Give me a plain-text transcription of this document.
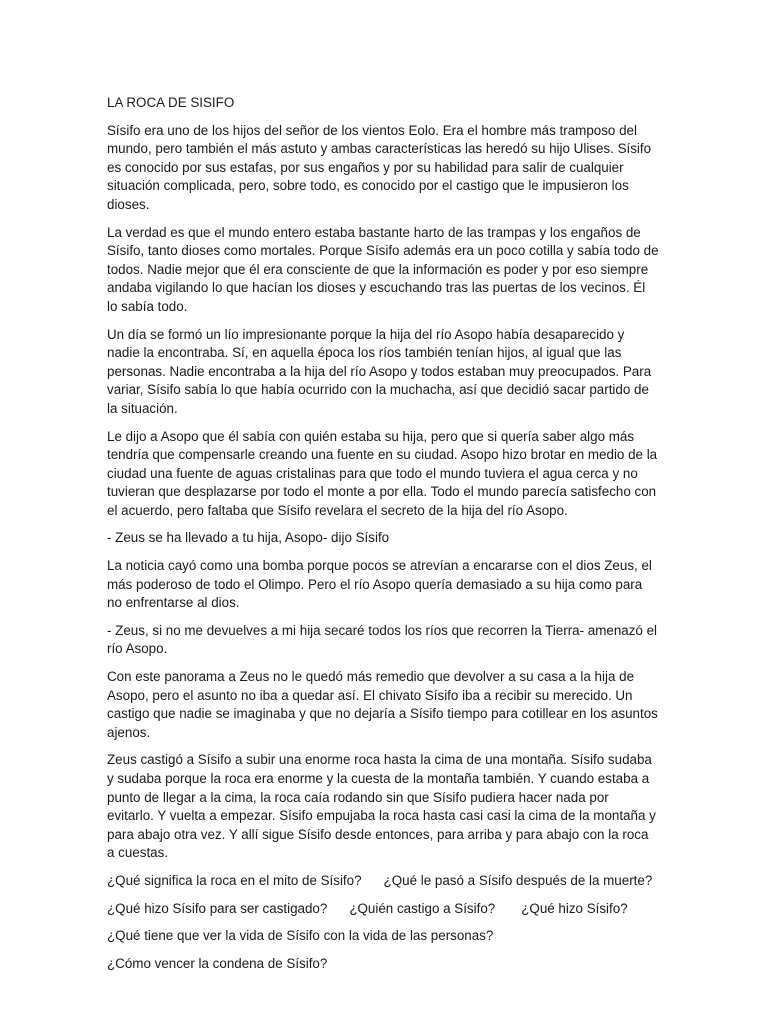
LA ROCA DE SISIFO

Sísifo era uno de los hijos del señor de los vientos Eolo. Era el hombre más tramposo del mundo, pero también el más astuto y ambas características las heredó su hijo Ulises. Sísifo es conocido por sus estafas, por sus engaños y por su habilidad para salir de cualquier situación complicada, pero, sobre todo, es conocido por el castigo que le impusieron los dioses.

La verdad es que el mundo entero estaba bastante harto de las trampas y los engaños de Sísifo, tanto dioses como mortales. Porque Sísifo además era un poco cotilla y sabía todo de todos. Nadie mejor que él era consciente de que la información es poder y por eso siempre andaba vigilando lo que hacían los dioses y escuchando tras las puertas de los vecinos. Él lo sabía todo.

Un día se formó un lío impresionante porque la hija del río Asopo había desaparecido y nadie la encontraba. Sí, en aquella época los ríos también tenían hijos, al igual que las personas. Nadie encontraba a la hija del río Asopo y todos estaban muy preocupados. Para variar, Sísifo sabía lo que había ocurrido con la muchacha, así que decidió sacar partido de la situación.

Le dijo a Asopo que él sabía con quién estaba su hija, pero que si quería saber algo más tendría que compensarle creando una fuente en su ciudad. Asopo hizo brotar en medio de la ciudad una fuente de aguas cristalinas para que todo el mundo tuviera el agua cerca y no tuvieran que desplazarse por todo el monte a por ella. Todo el mundo parecía satisfecho con el acuerdo, pero faltaba que Sísifo revelara el secreto de la hija del río Asopo.

- Zeus se ha llevado a tu hija, Asopo- dijo Sísifo

La noticia cayó como una bomba porque pocos se atrevían a encararse con el dios Zeus, el más poderoso de todo el Olimpo. Pero el río Asopo quería demasiado a su hija como para no enfrentarse al dios.

- Zeus, si no me devuelves a mi hija secaré todos los ríos que recorren la Tierra- amenazó el río Asopo.

Con este panorama a Zeus no le quedó más remedio que devolver a su casa a la hija de Asopo, pero el asunto no iba a quedar así. El chivato Sísifo iba a recibir su merecido. Un castigo que nadie se imaginaba y que no dejaría a Sísifo tiempo para cotillear en los asuntos ajenos.

Zeus castigó a Sísifo a subir una enorme roca hasta la cima de una montaña. Sísifo sudaba y sudaba porque la roca era enorme y la cuesta de la montaña también. Y cuando estaba a punto de llegar a la cima, la roca caía rodando sin que Sísifo pudiera hacer nada por evitarlo. Y vuelta a empezar. Sísifo empujaba la roca hasta casi casi la cima de la montaña y para abajo otra vez. Y allí sigue Sísifo desde entonces, para arriba y para abajo con la roca a cuestas.

¿Qué significa la roca en el mito de Sísifo? ¿Qué le pasó a Sísifo después de la muerte?
¿Qué hizo Sísifo para ser castigado? ¿Quién castigo a Sísifo? ¿Qué hizo Sísifo?
¿Qué tiene que ver la vida de Sísifo con la vida de las personas?
¿Cómo vencer la condena de Sísifo?
